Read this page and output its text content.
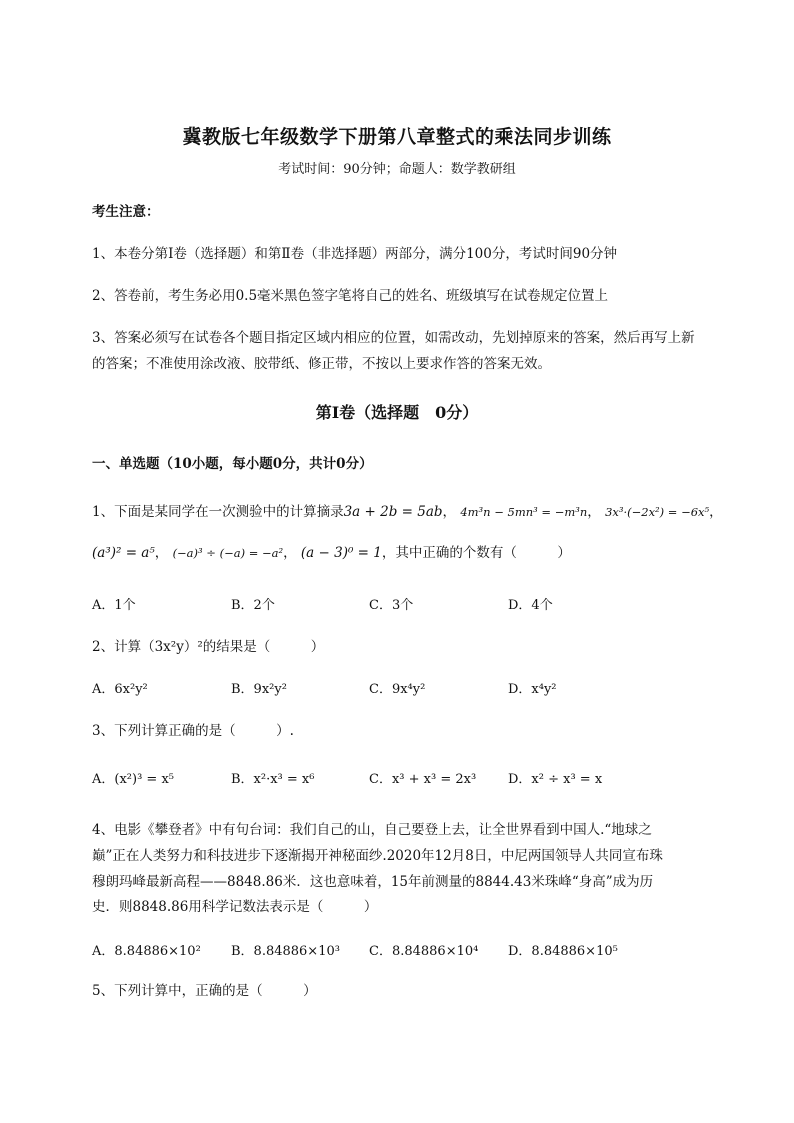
冀教版七年级数学下册第八章整式的乘法同步训练
考试时间：90分钟；命题人：数学教研组
考生注意：
1、本卷分第I卷（选择题）和第Ⅱ卷（非选择题）两部分，满分100分，考试时间90分钟
2、答卷前，考生务必用0.5毫米黑色签字笔将自己的姓名、班级填写在试卷规定位置上
3、答案必须写在试卷各个题目指定区域内相应的位置，如需改动，先划掉原来的答案，然后再写上新
的答案；不准使用涂改液、胶带纸、修正带，不按以上要求作答的答案无效。
第I卷（选择题　0分）
一、单选题（10小题，每小题0分，共计0分）
1、下面是某同学在一次测验中的计算摘录3a + 2b = 5ab， 4m³n − 5mn³ = −m³n， 3x³·(−2x²) = −6x⁵，
(a³)² = a⁵， (−a)³ ÷ (−a) = −a²， (a − 3)⁰ = 1，其中正确的个数有（　　　）
A．1个	B．2个	C．3个	D．4个
2、计算（3x²y）²的结果是（　　　）
A．6x²y²	B．9x²y²	C．9x⁴y²	D．x⁴y²
3、下列计算正确的是（　　　）.
A．(x²)³ = x⁵	B．x²·x³ = x⁶	C．x³ + x³ = 2x³ D．x² ÷ x³ = x
4、电影《攀登者》中有句台词：我们自己的山，自己要登上去，让全世界看到中国人.“地球之
巅”正在人类努力和科技进步下逐渐揭开神秘面纱.2020年12月8日，中尼两国领导人共同宣布珠
穆朗玛峰最新高程——8848.86米．这也意味着，15年前测量的8844.43米珠峰“身高”成为历
史．则8848.86用科学记数法表示是（　　　）
A．8.84886×10² B．8.84886×10³ C．8.84886×10⁴ D．8.84886×10⁵
5、下列计算中，正确的是（　　　）
